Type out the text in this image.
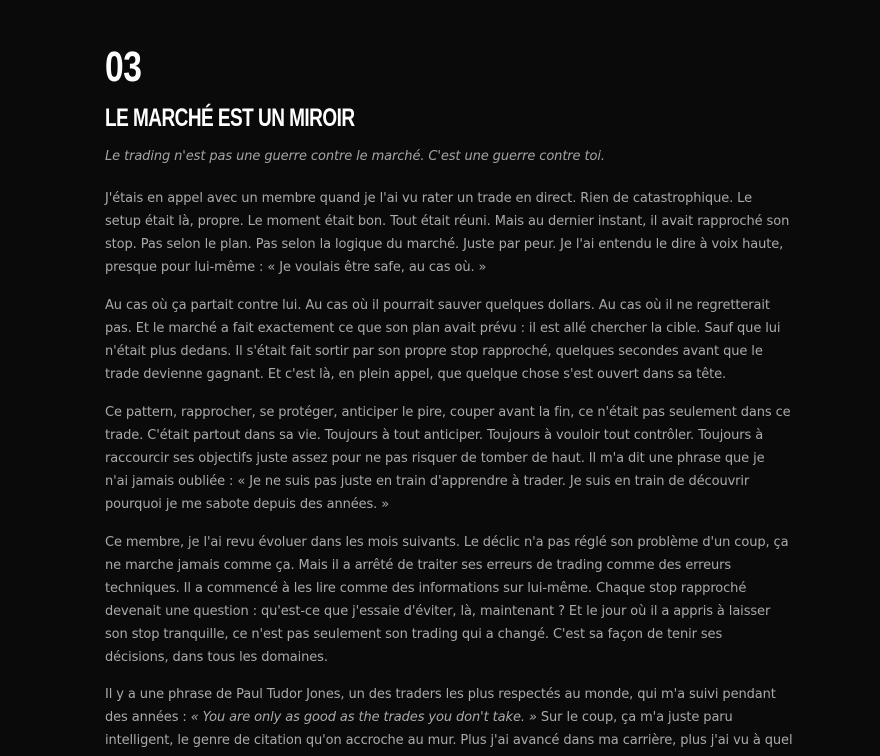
03
LE MARCHÉ EST UN MIROIR

Le trading n'est pas une guerre contre le marché. C'est une guerre contre toi.

J'étais en appel avec un membre quand je l'ai vu rater un trade en direct. Rien de catastrophique. Le
setup était là, propre. Le moment était bon. Tout était réuni. Mais au dernier instant, il avait rapproché son
stop. Pas selon le plan. Pas selon la logique du marché. Juste par peur. Je l'ai entendu le dire à voix haute,
presque pour lui-même : « Je voulais être safe, au cas où. »

Au cas où ça partait contre lui. Au cas où il pourrait sauver quelques dollars. Au cas où il ne regretterait
pas. Et le marché a fait exactement ce que son plan avait prévu : il est allé chercher la cible. Sauf que lui
n'était plus dedans. Il s'était fait sortir par son propre stop rapproché, quelques secondes avant que le
trade devienne gagnant. Et c'est là, en plein appel, que quelque chose s'est ouvert dans sa tête.

Ce pattern, rapprocher, se protéger, anticiper le pire, couper avant la fin, ce n'était pas seulement dans ce
trade. C'était partout dans sa vie. Toujours à tout anticiper. Toujours à vouloir tout contrôler. Toujours à
raccourcir ses objectifs juste assez pour ne pas risquer de tomber de haut. Il m'a dit une phrase que je
n'ai jamais oubliée : « Je ne suis pas juste en train d'apprendre à trader. Je suis en train de découvrir
pourquoi je me sabote depuis des années. »

Ce membre, je l'ai revu évoluer dans les mois suivants. Le déclic n'a pas réglé son problème d'un coup, ça
ne marche jamais comme ça. Mais il a arrêté de traiter ses erreurs de trading comme des erreurs
techniques. Il a commencé à les lire comme des informations sur lui-même. Chaque stop rapproché
devenait une question : qu'est-ce que j'essaie d'éviter, là, maintenant ? Et le jour où il a appris à laisser
son stop tranquille, ce n'est pas seulement son trading qui a changé. C'est sa façon de tenir ses
décisions, dans tous les domaines.

Il y a une phrase de Paul Tudor Jones, un des traders les plus respectés au monde, qui m'a suivi pendant
des années : « You are only as good as the trades you don't take. » Sur le coup, ça m'a juste paru
intelligent, le genre de citation qu'on accroche au mur. Plus j'ai avancé dans ma carrière, plus j'ai vu à quel
